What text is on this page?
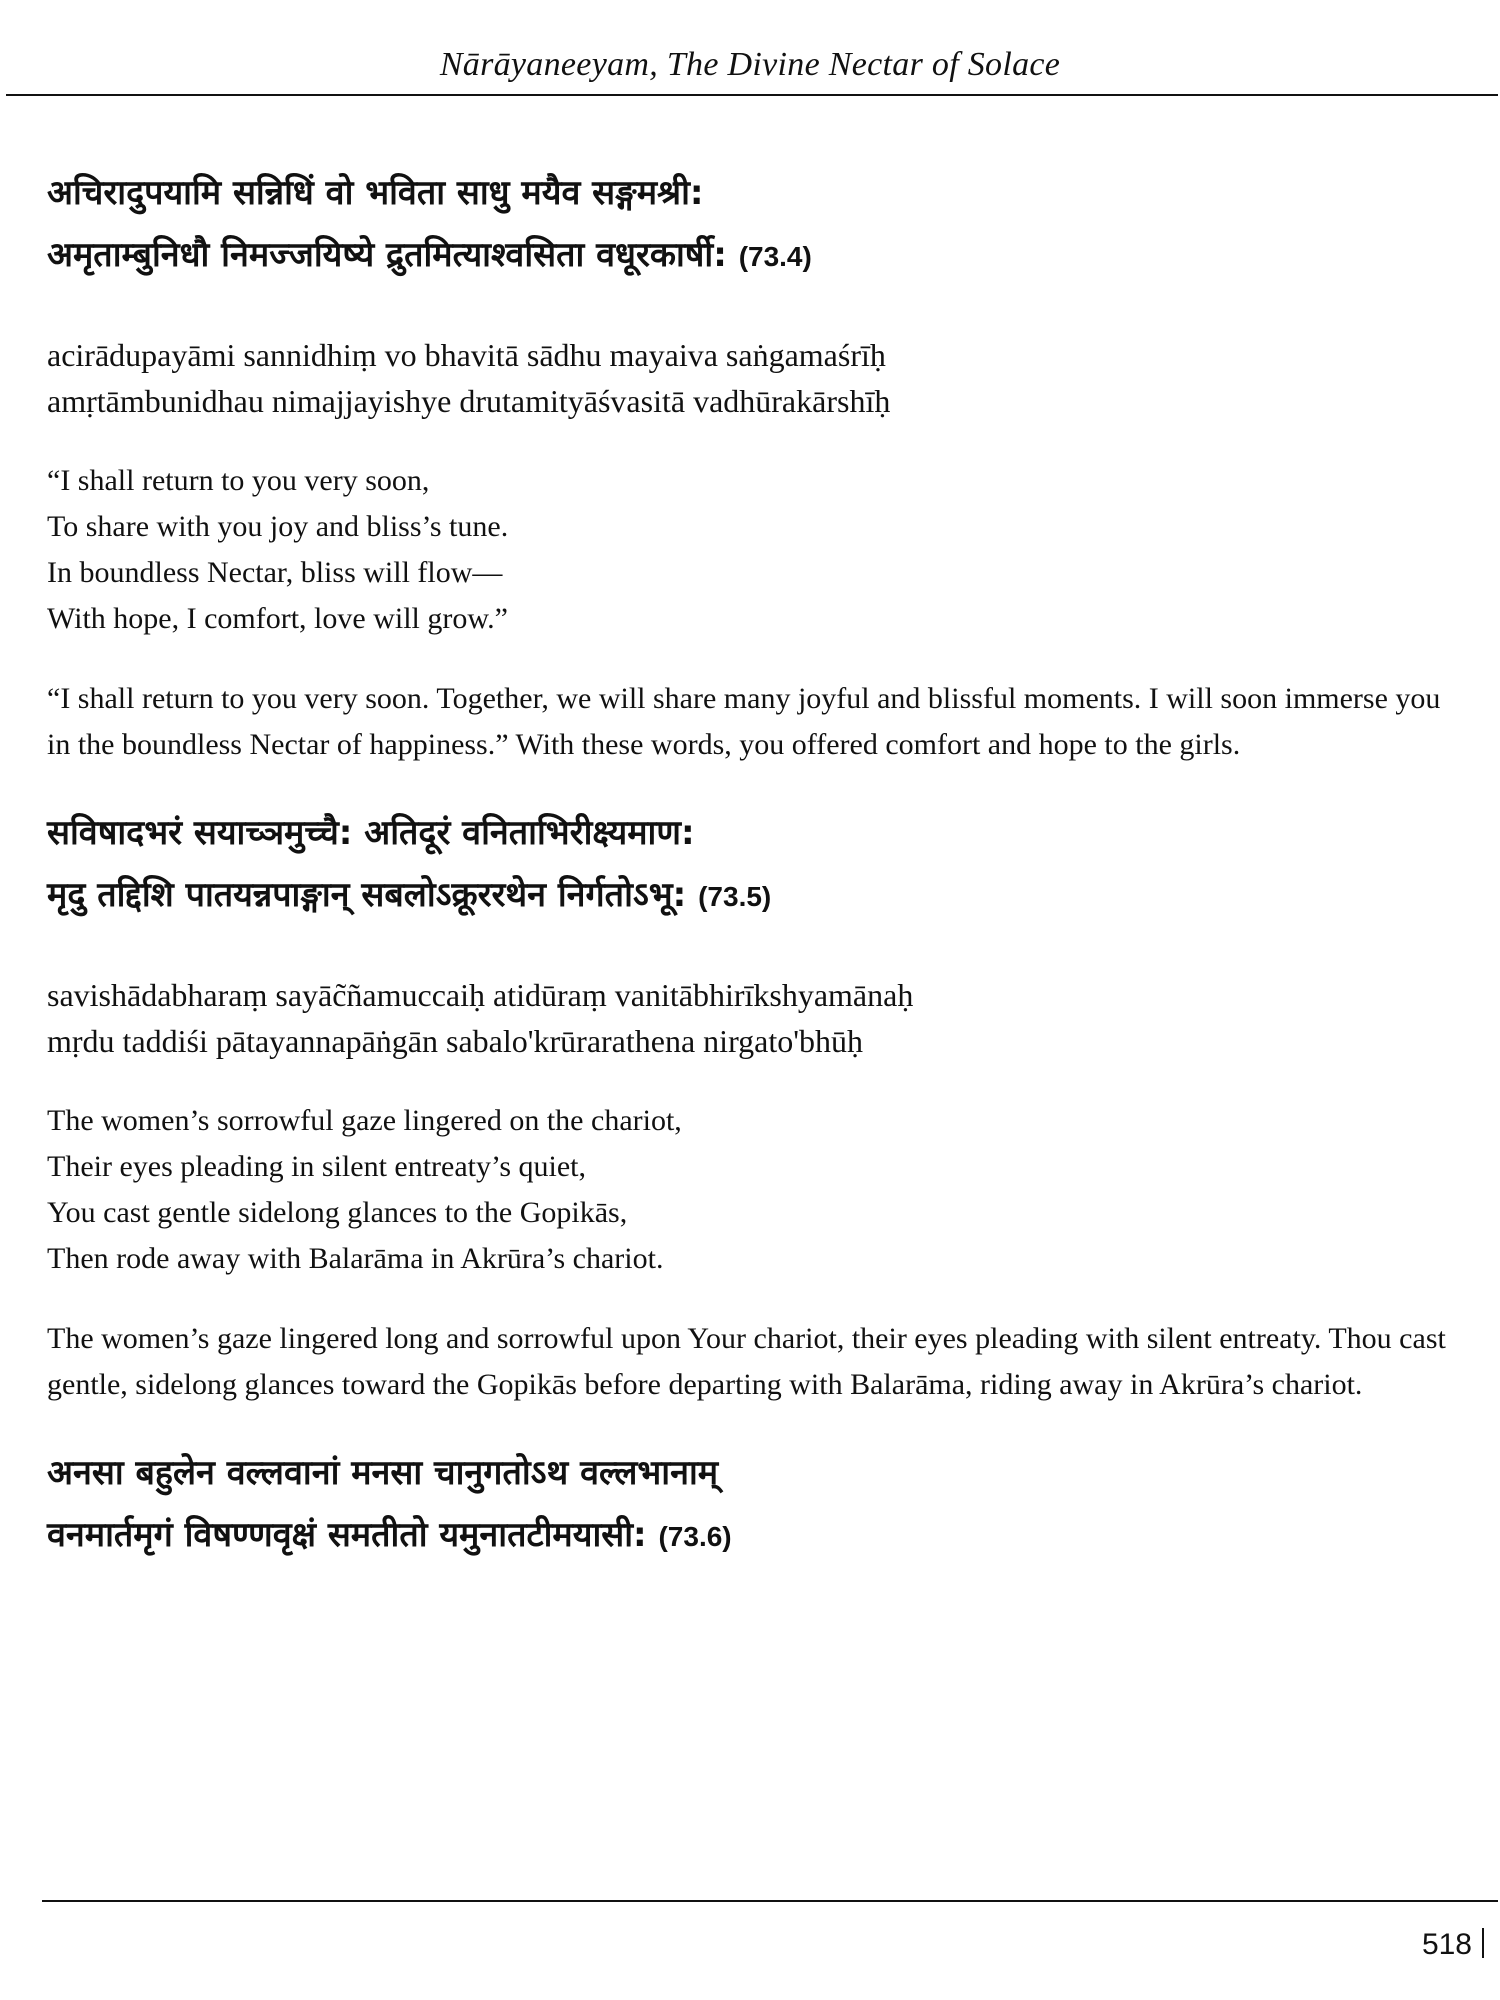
Nārāyaneeyam, The Divine Nectar of Solace
अचिरादुपयामि सन्निधिं वो भविता साधु मयैव सङ्गमश्री:
अमृताम्बुनिधौ निमज्जयिष्ये द्रुतमित्याश्वसिता वधूरकार्षी: (73.4)
acirādupayāmi sannidhiṃ vo bhavitā sādhu mayaiva saṅgamaśrīḥ
amṛtāmbunidhau nimajjayishye drutamityāśvasitā vadhūrakārshīḥ
“I shall return to you very soon,
To share with you joy and bliss’s tune.
In boundless Nectar, bliss will flow—
With hope, I comfort, love will grow.”

“I shall return to you very soon. Together, we will share many joyful and blissful moments. I will soon immerse you in the boundless Nectar of happiness.” With these words, you offered comfort and hope to the girls.

सविषादभरं सयाच्ञमुच्चै: अतिदूरं वनिताभिरीक्ष्यमाण:
मृदु तद्दिशि पातयन्नपाङ्गान् सबलोऽक्रूररथेन निर्गतोऽभू: (73.5)
savishādabharaṃ sayāc̃ñamuccaiḥ atidūraṃ vanitābhirīkshyamānaḥ
mṛdu taddiśi pātayannapāṅgān sabalo'krūrarathena nirgato'bhūḥ
The women’s sorrowful gaze lingered on the chariot,
Their eyes pleading in silent entreaty’s quiet,
You cast gentle sidelong glances to the Gopikās,
Then rode away with Balarāma in Akrūra’s chariot.

The women’s gaze lingered long and sorrowful upon Your chariot, their eyes pleading with silent entreaty. Thou cast gentle, sidelong glances toward the Gopikās before departing with Balarāma, riding away in Akrūra’s chariot.

अनसा बहुलेन वल्लवानां मनसा चानुगतोऽथ वल्लभानाम्
वनमार्तमृगं विषण्णवृक्षं समतीतो यमुनातटीमयासी: (73.6)
518
